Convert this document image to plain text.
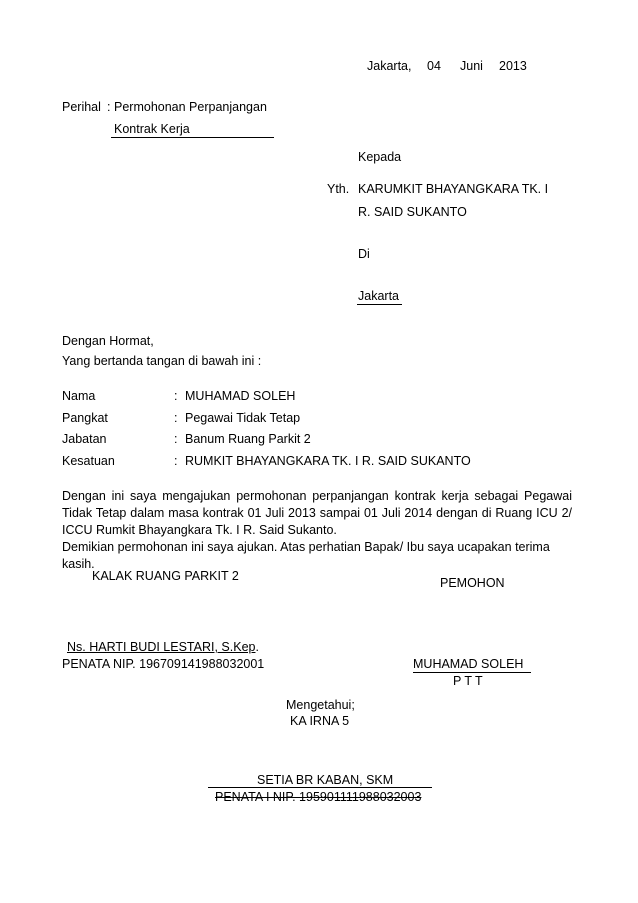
Jakarta, 04 Juni 2013
Perihal : Permohonan Perpanjangan
Kontrak Kerja
Kepada
Yth. KARUMKIT BHAYANGKARA TK. I
R. SAID SUKANTO
Di
Jakarta
Dengan Hormat,
Yang bertanda tangan di bawah ini :
Nama	: MUHAMAD SOLEH
Pangkat	: Pegawai Tidak Tetap
Jabatan	: Banum Ruang Parkit 2
Kesatuan	: RUMKIT BHAYANGKARA TK. I R. SAID SUKANTO
Dengan ini saya mengajukan permohonan perpanjangan kontrak kerja sebagai Pegawai Tidak Tetap dalam masa kontrak 01 Juli 2013 sampai 01 Juli 2014 dengan di Ruang ICU 2/ ICCU Rumkit Bhayangkara Tk. I R. Said Sukanto.
Demikian permohonan ini saya ajukan. Atas perhatian Bapak/ Ibu saya ucapakan terima kasih.
KALAK RUANG PARKIT 2
Ns. HARTI BUDI LESTARI, S.Kep.
PENATA NIP. 196709141988032001
PEMOHON
MUHAMAD SOLEH
P T T
Mengetahui;
KA IRNA 5
SETIA BR KABAN, SKM
PENATA I NIP. 195901111988032003
